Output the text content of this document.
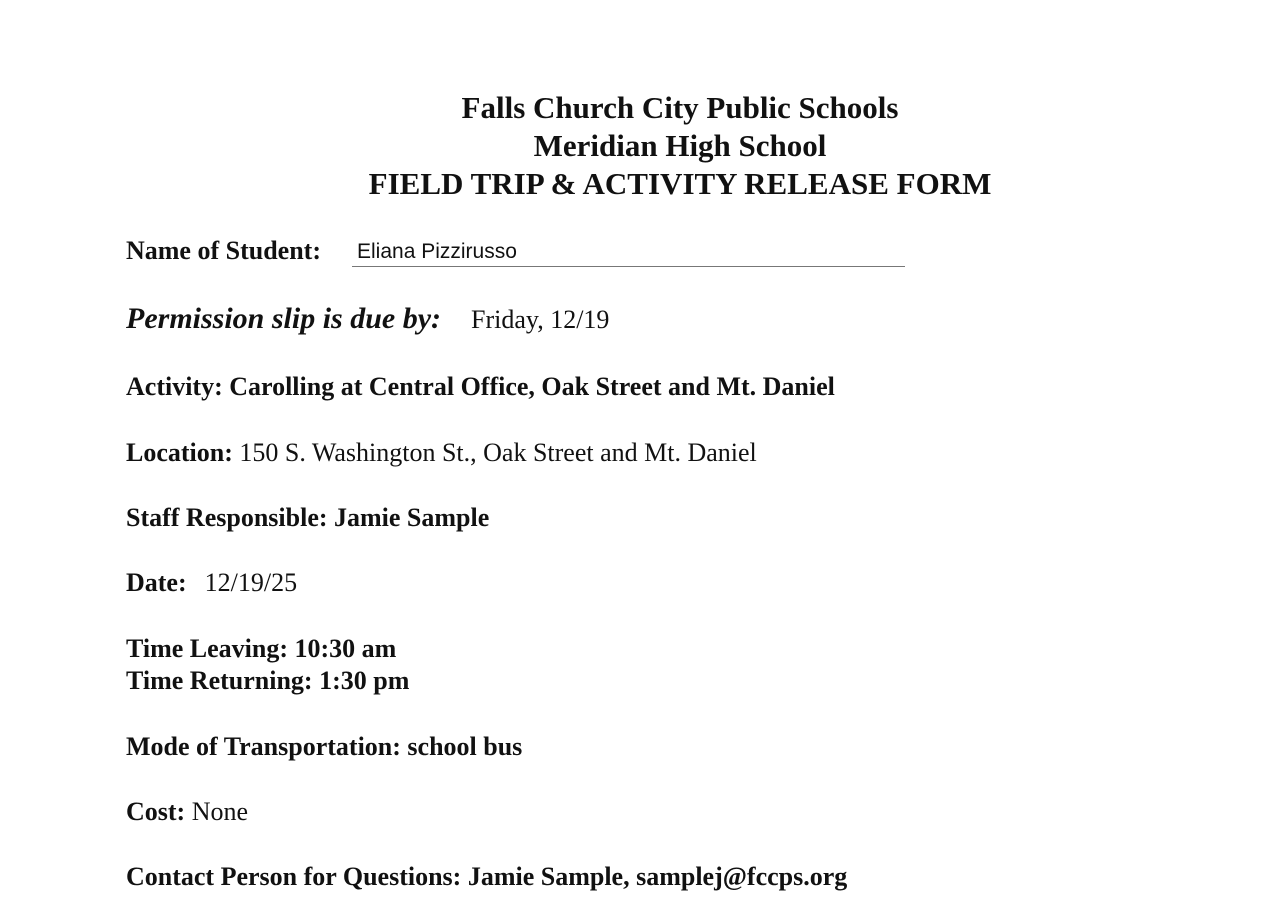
Falls Church City Public Schools
Meridian High School
FIELD TRIP & ACTIVITY RELEASE FORM
Name of Student: Eliana Pizzirusso
Permission slip is due by: Friday, 12/19
Activity: Carolling at Central Office, Oak Street and Mt. Daniel
Location: 150 S. Washington St., Oak Street and Mt. Daniel
Staff Responsible: Jamie Sample
Date: 12/19/25
Time Leaving: 10:30 am
Time Returning: 1:30 pm
Mode of Transportation: school bus
Cost: None
Contact Person for Questions: Jamie Sample, samplej@fccps.org
